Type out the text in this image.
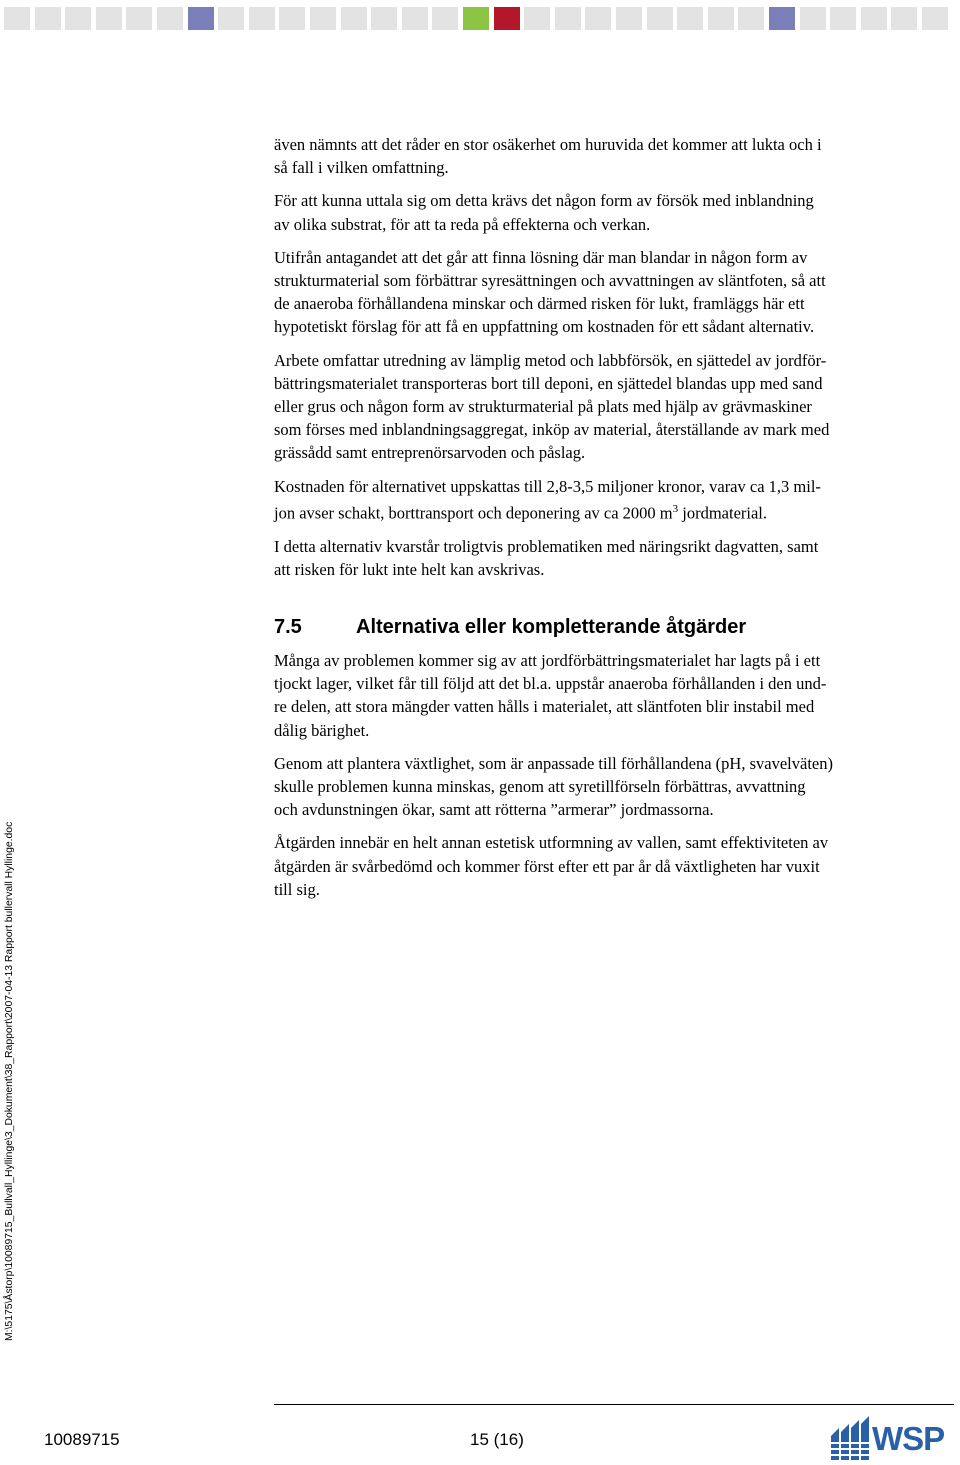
M:\5175\Åstorp\10089715_Bullvall_Hyllinge\3_Dokument\38_Rapport\2007-04-13 Rapport bullervall Hyllinge.doc

även nämnts att det råder en stor osäkerhet om huruvida det kommer att lukta och i

så fall i vilken omfattning.

För att kunna uttala sig om detta krävs det någon form av försök med inblandning

av olika substrat, för att ta reda på effekterna och verkan.

Utifrån antagandet att det går att finna lösning där man blandar in någon form av

strukturmaterial som förbättrar syresättningen och avvattningen av släntfoten, så att

de anaeroba förhållandena minskar och därmed risken för lukt, framläggs här ett

hypotetiskt förslag för att få en uppfattning om kostnaden för ett sådant alternativ.

Arbete omfattar utredning av lämplig metod och labbförsök, en sjättedel av jordför-

bättringsmaterialet transporteras bort till deponi, en sjättedel blandas upp med sand

eller grus och någon form av strukturmaterial på plats med hjälp av grävmaskiner

som förses med inblandningsaggregat, inköp av material, återställande av mark med

grässådd samt entreprenörsarvoden och påslag.

Kostnaden för alternativet uppskattas till 2,8-3,5 miljoner kronor, varav ca 1,3 mil-

jon avser schakt, borttransport och deponering av ca 2000 $m^3$ jordmaterial.

I detta alternativ kvarstår troligtvis problematiken med näringsrikt dagvatten, samt

att risken för lukt inte helt kan avskrivas.

7.5	Alternativa eller kompletterande åtgärder

Många av problemen kommer sig av att jordförbättringsmaterialet har lagts på i ett

tjockt lager, vilket får till följd att det bl.a. uppstår anaeroba förhållanden i den und-

re delen, att stora mängder vatten hålls i materialet, att släntfoten blir instabil med

dålig bärighet.

Genom att plantera växtlighet, som är anpassade till förhållandena (pH, svavelväten)

skulle problemen kunna minskas, genom att syretillförseln förbättras, avvattning

och avdunstningen ökar, samt att rötterna ”armerar” jordmassorna.

Åtgärden innebär en helt annan estetisk utformning av vallen, samt effektiviteten av

åtgärden är svårbedömd och kommer först efter ett par år då växtligheten har vuxit

till sig.

10089715	15 (16)	WSP
